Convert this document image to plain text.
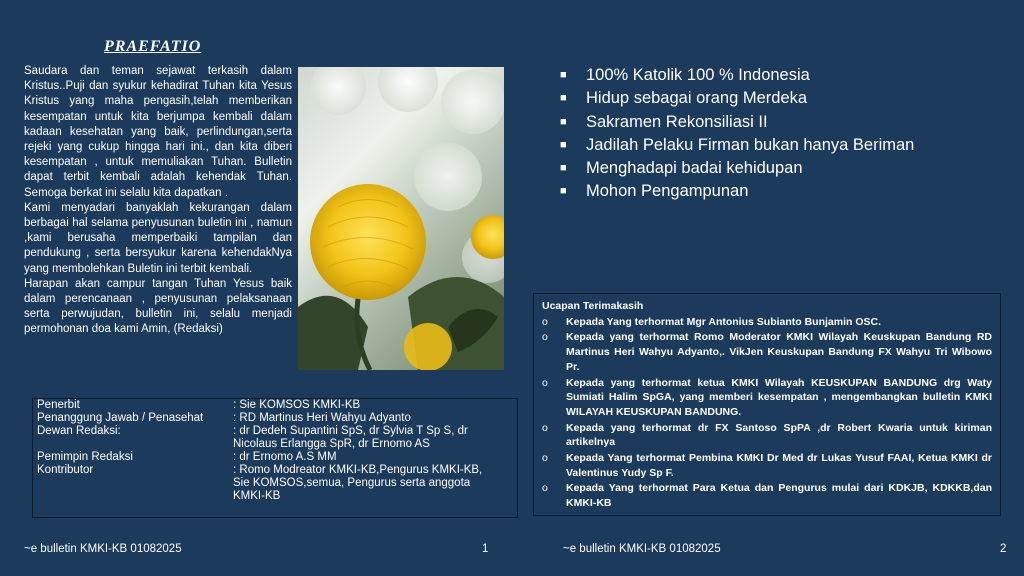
PRAEFATIO

Saudara dan teman sejawat terkasih dalam Kristus..Puji dan syukur kehadirat Tuhan kita Yesus Kristus yang maha pengasih,telah memberikan kesempatan untuk kita berjumpa kembali dalam kadaan kesehatan yang baik, perlindungan,serta rejeki yang cukup hingga hari ini., dan kita diberi kesempatan , untuk memuliakan Tuhan. Bulletin dapat terbit kembali adalah kehendak Tuhan. Semoga berkat ini selalu kita dapatkan .

Kami menyadari banyaklah kekurangan dalam berbagai hal selama penyusunan buletin ini , namun ,kami berusaha memperbaiki tampilan dan pendukung , serta bersyukur karena kehendakNya yang membolehkan Buletin ini terbit kembali.

Harapan akan campur tangan Tuhan Yesus baik dalam perencanaan , penyusunan pelaksanaan serta perwujudan, bulletin ini, selalu menjadi permohonan doa kami Amin, (Redaksi)

Penerbit	: Sie KOMSOS KMKI-KB
Penanggung Jawab / Penasehat	: RD Martinus Heri Wahyu Adyanto
Dewan Redaksi:	: dr Dedeh Supantini SpS, dr Sylvia T Sp S, dr Nicolaus Erlangga SpR, dr Ernomo AS
Pemimpin Redaksi	: dr Ernomo A.S MM
Kontributor	: Romo Modreator KMKI-KB,Pengurus KMKI-KB, Sie KOMSOS,semua, Pengurus serta anggota KMKI-KB
~e bulletin KMKI-KB 01082025	1
■	100% Katolik 100 % Indonesia
■	Hidup sebagai orang Merdeka
■	Sakramen Rekonsiliasi II
■	Jadilah Pelaku Firman bukan hanya Beriman
■	Menghadapi badai kehidupan
■	Mohon Pengampunan
Ucapan Terimakasih
o	Kepada Yang terhormat Mgr Antonius Subianto Bunjamin OSC.
o	Kepada yang terhormat Romo Moderator KMKI Wilayah Keuskupan Bandung RD Martinus Heri Wahyu Adyanto,. VikJen Keuskupan Bandung FX Wahyu Tri Wibowo Pr.
o	Kepada yang terhormat ketua KMKI Wilayah KEUSKUPAN BANDUNG drg Waty Sumiati Halim SpGA, yang memberi kesempatan , mengembangkan bulletin KMKI WILAYAH KEUSKUPAN BANDUNG.
o	Kepada yang terhormat dr FX Santoso SpPA ,dr Robert Kwaria untuk kiriman artikelnya
o	Kepada Yang terhormat Pembina KMKI Dr Med dr Lukas Yusuf FAAI, Ketua KMKI dr Valentinus Yudy Sp F.
o	Kepada Yang terhormat Para Ketua dan Pengurus mulai dari KDKJB, KDKKB,dan KMKI-KB
~e bulletin KMKI-KB 01082025	2
